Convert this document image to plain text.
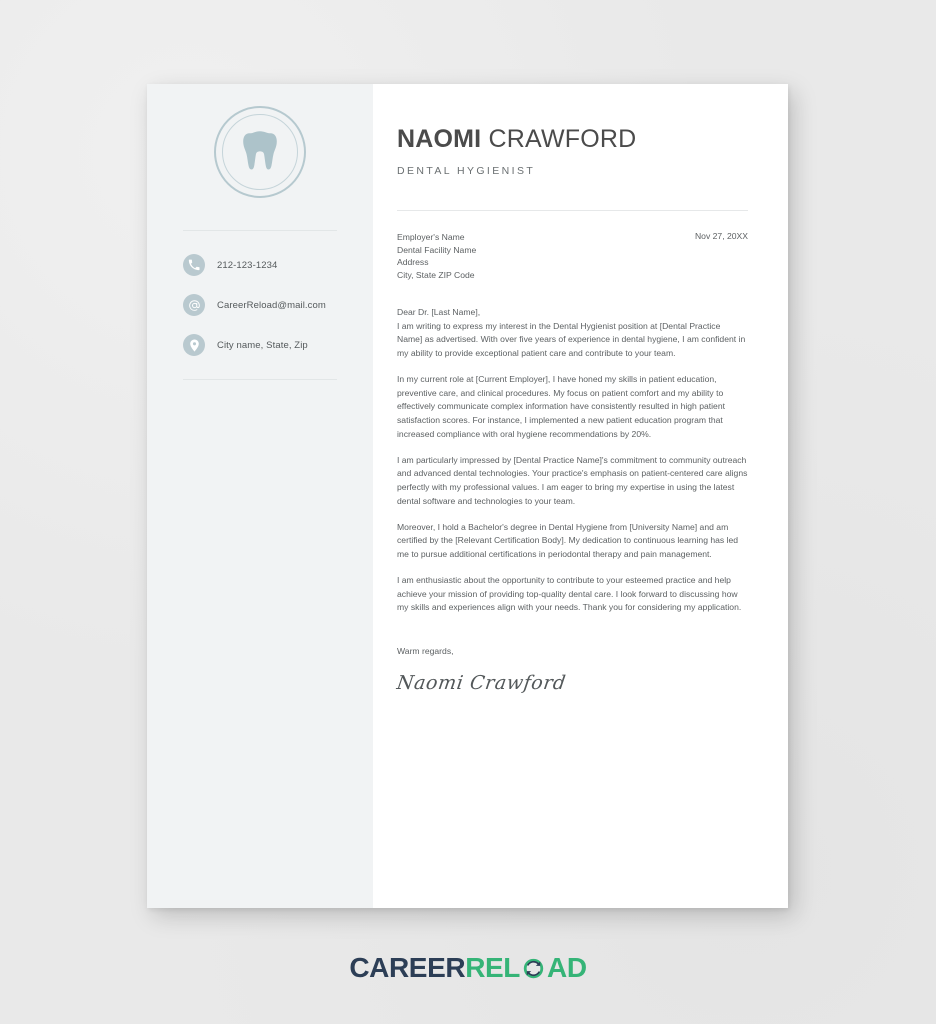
212-123-1234
CareerReload@mail.com
City name, State, Zip
NAOMI CRAWFORD
DENTAL HYGIENIST
Employer's Name
Dental Facility Name
Address
City, State ZIP Code
Nov 27, 20XX

Dear Dr. [Last Name],
I am writing to express my interest in the Dental Hygienist position at [Dental Practice Name] as advertised. With over five years of experience in dental hygiene, I am confident in my ability to provide exceptional patient care and contribute to your team.

In my current role at [Current Employer], I have honed my skills in patient education, preventive care, and clinical procedures. My focus on patient comfort and my ability to effectively communicate complex information have consistently resulted in high patient satisfaction scores. For instance, I implemented a new patient education program that increased compliance with oral hygiene recommendations by 20%.

I am particularly impressed by [Dental Practice Name]'s commitment to community outreach and advanced dental technologies. Your practice's emphasis on patient-centered care aligns perfectly with my professional values. I am eager to bring my expertise in using the latest dental software and technologies to your team.

Moreover, I hold a Bachelor's degree in Dental Hygiene from [University Name] and am certified by the [Relevant Certification Body]. My dedication to continuous learning has led me to pursue additional certifications in periodontal therapy and pain management.

I am enthusiastic about the opportunity to contribute to your esteemed practice and help achieve your mission of providing top-quality dental care. I look forward to discussing how my skills and experiences align with your needs. Thank you for considering my application.

Warm regards,
Naomi Crawford
CAREER REL AD
